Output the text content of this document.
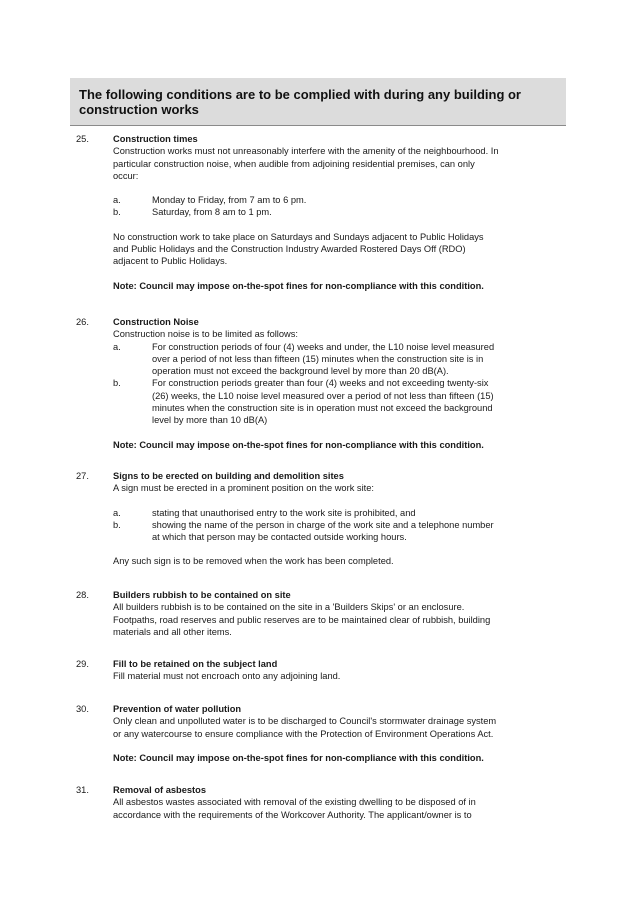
The following conditions are to be complied with during any building or
construction works
25.	Construction times

Construction works must not unreasonably interfere with the amenity of the neighbourhood. In

particular construction noise, when audible from adjoining residential premises, can only

occur:

a.	Monday to Friday, from 7 am to 6 pm.
b.	Saturday, from 8 am to 1 pm.

No construction work to take place on Saturdays and Sundays adjacent to Public Holidays

and Public Holidays and the Construction Industry Awarded Rostered Days Off (RDO)

adjacent to Public Holidays.

Note: Council may impose on-the-spot fines for non-compliance with this condition.

26.	Construction Noise

Construction noise is to be limited as follows:

a.	For construction periods of four (4) weeks and under, the L10 noise level measured

over a period of not less than fifteen (15) minutes when the construction site is in

operation must not exceed the background level by more than 20 dB(A).

b.	For construction periods greater than four (4) weeks and not exceeding twenty-six

(26) weeks, the L10 noise level measured over a period of not less than fifteen (15)

minutes when the construction site is in operation must not exceed the background

level by more than 10 dB(A)

Note: Council may impose on-the-spot fines for non-compliance with this condition.

27.	Signs to be erected on building and demolition sites

A sign must be erected in a prominent position on the work site:

a.	stating that unauthorised entry to the work site is prohibited, and
b.	showing the name of the person in charge of the work site and a telephone number

at which that person may be contacted outside working hours.

Any such sign is to be removed when the work has been completed.

28.	Builders rubbish to be contained on site

All builders rubbish is to be contained on the site in a 'Builders Skips' or an enclosure.

Footpaths, road reserves and public reserves are to be maintained clear of rubbish, building

materials and all other items.

29.	Fill to be retained on the subject land

Fill material must not encroach onto any adjoining land.

30.	Prevention of water pollution

Only clean and unpolluted water is to be discharged to Council's stormwater drainage system

or any watercourse to ensure compliance with the Protection of Environment Operations Act.

Note: Council may impose on-the-spot fines for non-compliance with this condition.

31.	Removal of asbestos

All asbestos wastes associated with removal of the existing dwelling to be disposed of in

accordance with the requirements of the Workcover Authority. The applicant/owner is to
